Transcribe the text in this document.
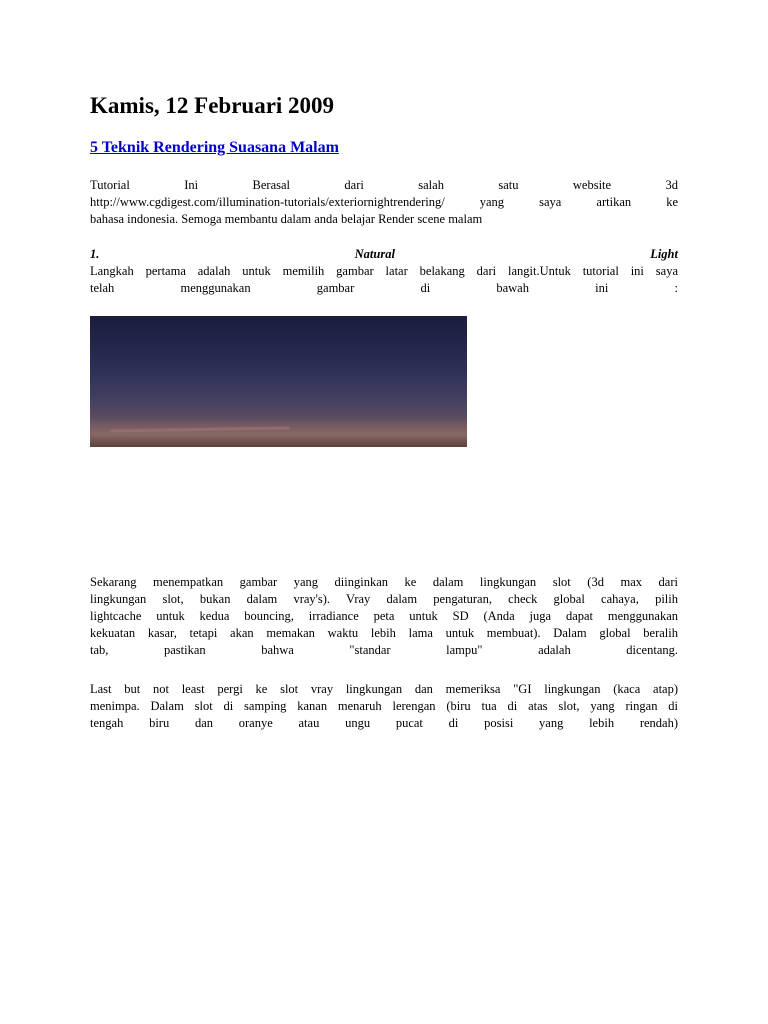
Kamis, 12 Februari 2009
5 Teknik Rendering Suasana Malam

Tutorial Ini Berasal dari salah satu website 3d
http://www.cgdigest.com/illumination-tutorials/exteriornightrendering/ yang saya artikan ke
bahasa indonesia. Semoga membantu dalam anda belajar Render scene malam

1.	Natural	Light

Langkah pertama adalah untuk memilih gambar latar belakang dari langit.Untuk tutorial ini saya
telah menggunakan gambar di bawah ini :

Sekarang menempatkan gambar yang diinginkan ke dalam lingkungan slot (3d max dari
lingkungan slot, bukan dalam vray's). Vray dalam pengaturan, check global cahaya, pilih
lightcache untuk kedua bouncing, irradiance peta untuk SD (Anda juga dapat menggunakan
kekuatan kasar, tetapi akan memakan waktu lebih lama untuk membuat). Dalam global beralih
tab, pastikan bahwa "standar lampu" adalah dicentang.

Last but not least pergi ke slot vray lingkungan dan memeriksa "GI lingkungan (kaca atap)
menimpa. Dalam slot di samping kanan menaruh lerengan (biru tua di atas slot, yang ringan di
tengah biru dan oranye atau ungu pucat di posisi yang lebih rendah)
